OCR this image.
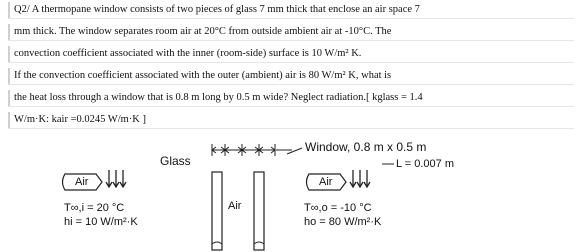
Q2/ A thermopane window consists of two pieces of glass 7 mm thick that enclose an air space 7
mm thick. The window separates room air at 20°C from outside ambient air at -10°C. The
convection coefficient associated with the inner (room-side) surface is 10 W/m² K.
If the convection coefficient associated with the outer (ambient) air is 80 W/m² K, what is
the heat loss through a window that is 0.8 m long by 0.5 m wide? Neglect radiation.[ kglass = 1.4
W/m·K: kair =0.0245 W/m·K ]
Glass
Window, 0.8 m x 0.5 m
L = 0.007 m
Air
Air
Air
T∞,i = 20 °C
hi = 10 W/m²·K
T∞,o = -10 °C
ho = 80 W/m²·K
